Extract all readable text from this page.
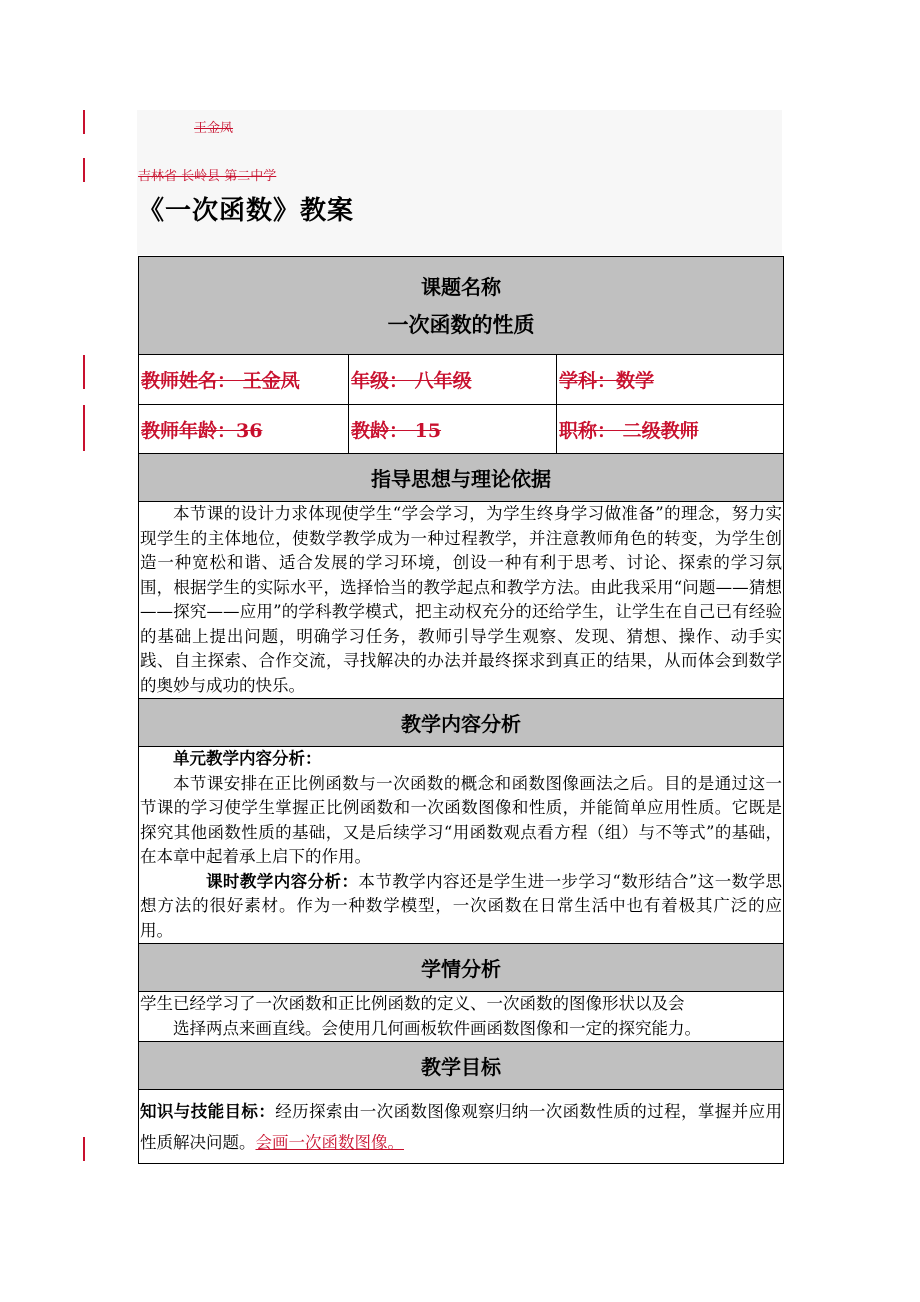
王金凤
吉林省 长岭县 第二中学
《一次函数》教案
课题名称
一次函数的性质		

教师姓名： 王金凤	年级： 八年级	学科：数学
教师年龄：36	教龄： 15	职称： 二级教师
指导思想与理论依据		

本节课的设计力求体现使学生“学会学习，为学生终身学习做准备”的理念，努力实现学生的主体地位，使数学教学成为一种过程教学，并注意教师角色的转变，为学生创造一种宽松和谐、适合发展的学习环境，创设一种有利于思考、讨论、探索的学习氛围，根据学生的实际水平，选择恰当的教学起点和教学方法。由此我采用“问题——猜想——探究——应用”的学科教学模式，把主动权充分的还给学生，让学生在自己已有经验的基础上提出问题，明确学习任务，教师引导学生观察、发现、猜想、操作、动手实践、自主探索、合作交流，寻找解决的办法并最终探求到真正的结果，从而体会到数学的奥妙与成功的快乐。		

教学内容分析		

单元教学内容分析：
本节课安排在正比例函数与一次函数的概念和函数图像画法之后。目的是通过这一节课的学习使学生掌握正比例函数和一次函数图像和性质，并能简单应用性质。它既是探究其他函数性质的基础，又是后续学习“用函数观点看方程（组）与不等式”的基础，在本章中起着承上启下的作用。
课时教学内容分析：本节教学内容还是学生进一步学习“数形结合”这一数学思想方法的很好素材。作为一种数学模型，一次函数在日常生活中也有着极其广泛的应用。		

学情分析		

学生已经学习了一次函数和正比例函数的定义、一次函数的图像形状以及会
选择两点来画直线。会使用几何画板软件画函数图像和一定的探究能力。		

教学目标		
知识与技能目标：经历探索由一次函数图像观察归纳一次函数性质的过程，掌握并应用性质解决问题。会画一次函数图像。		
